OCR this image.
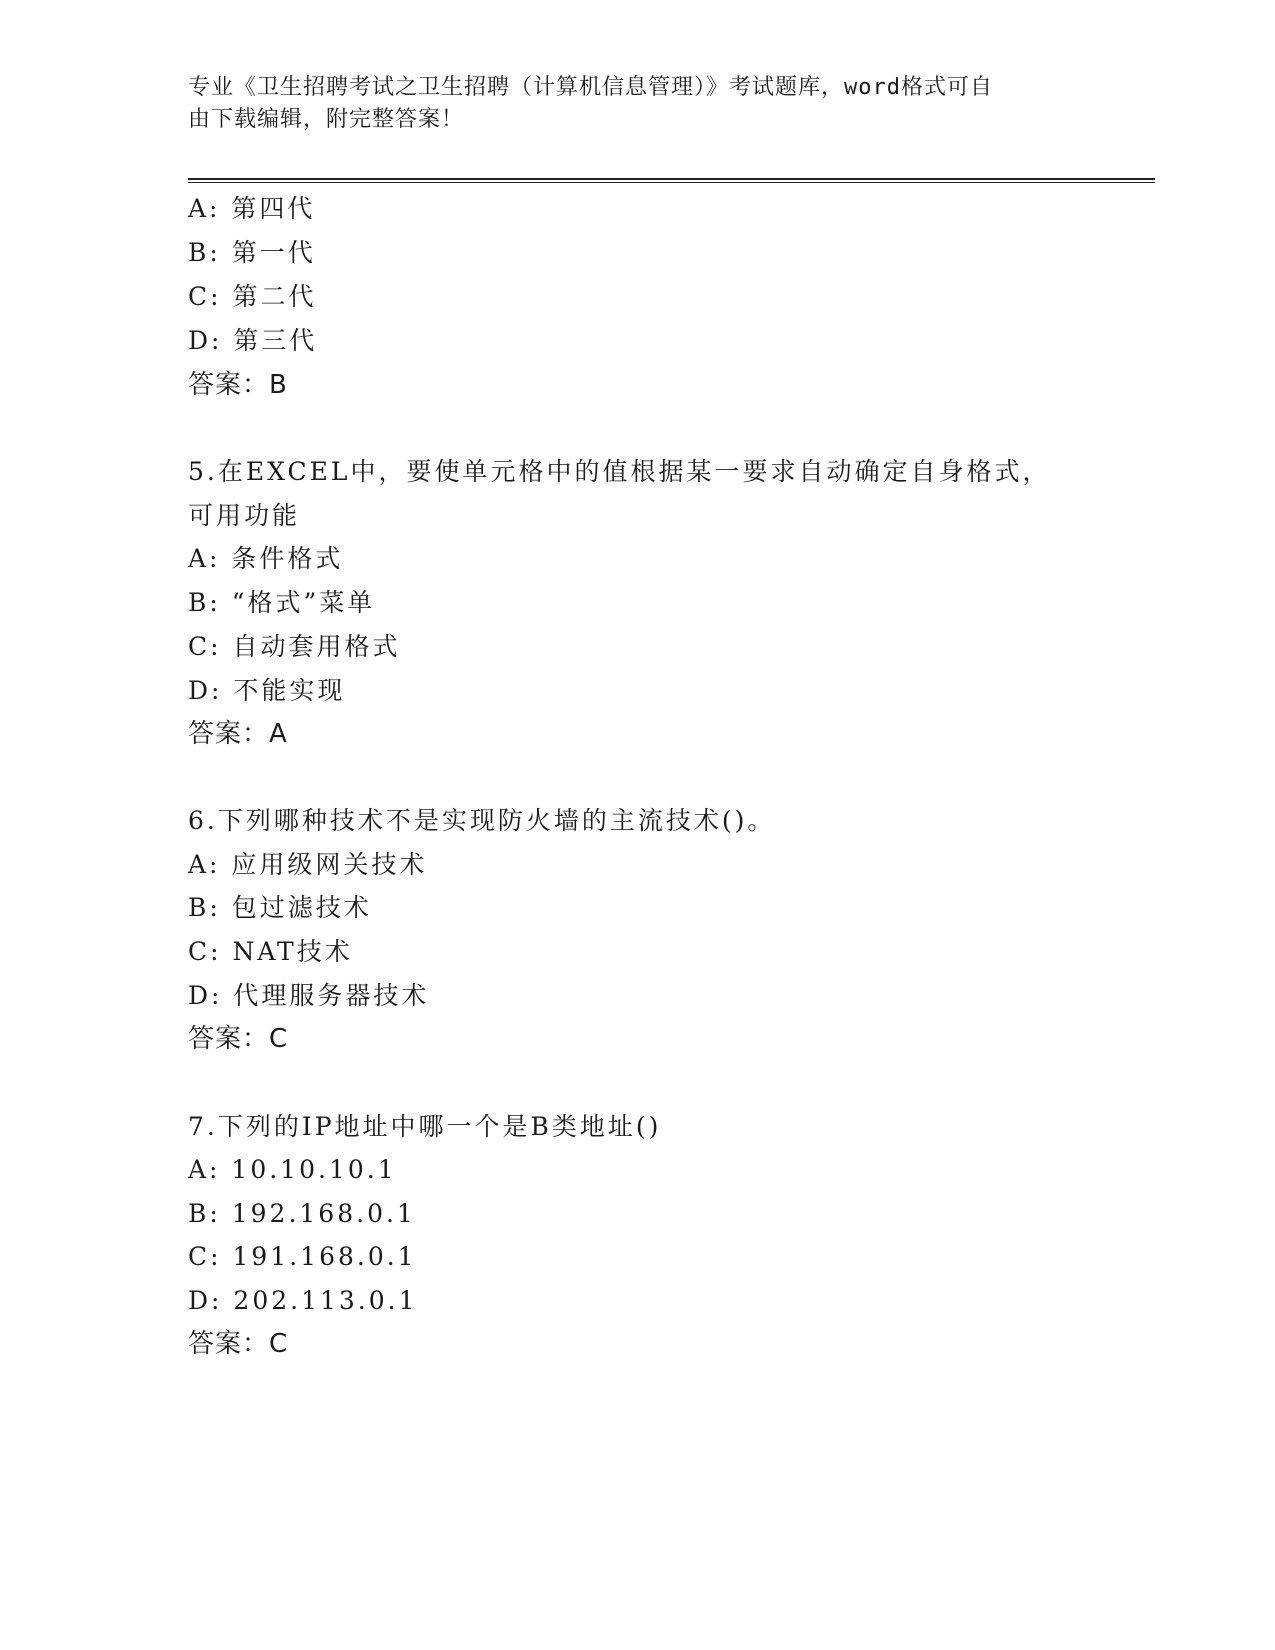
专业《卫生招聘考试之卫生招聘（计算机信息管理）》考试题库，word格式可自
由下载编辑，附完整答案！
A: 第四代
B: 第一代
C: 第二代
D: 第三代
答案：B
5.在EXCEL中，要使单元格中的值根据某一要求自动确定自身格式，
可用功能
A: 条件格式
B: “格式”菜单
C: 自动套用格式
D: 不能实现
答案：A
6.下列哪种技术不是实现防火墙的主流技术()。
A: 应用级网关技术
B: 包过滤技术
C: NAT技术
D: 代理服务器技术
答案：C
7.下列的IP地址中哪一个是B类地址()
A: 10.10.10.1
B: 192.168.0.1
C: 191.168.0.1
D: 202.113.0.1
答案：C
